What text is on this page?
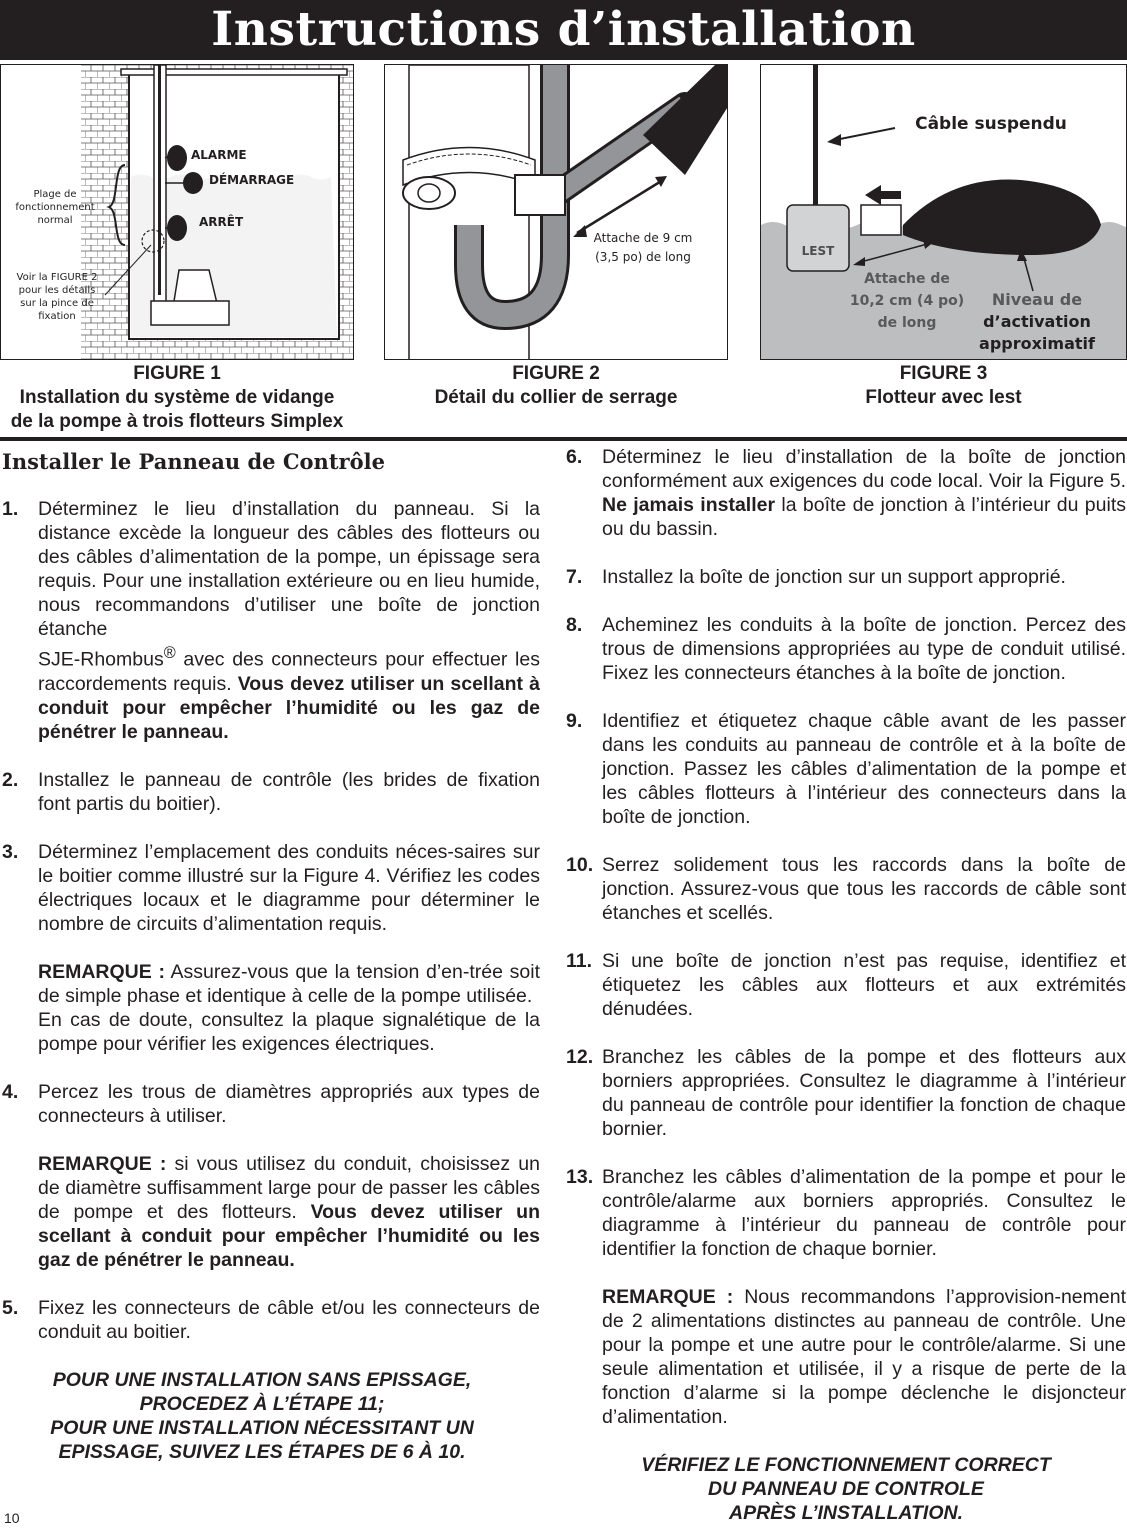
Instructions d’installation
ALARME
DÉMARRAGE
ARRÊT
Plage de
fonctionnement
normal
Voir la FIGURE 2
pour les détails
sur la pince de
fixation
FIGURE 1
Installation du système de vidange
de la pompe à trois flotteurs Simplex
Attache de 9 cm
(3,5 po) de long
FIGURE 2
Détail du collier de serrage
Câble suspendu
LEST
Attache de
10,2 cm (4 po)
de long
Niveau de
d’activation
approximatif
FIGURE 3
Flotteur avec lest
Installer le Panneau de Contrôle
1. Déterminez le lieu d’installation du panneau. Si la distance excède la longueur des câbles des flotteurs ou des câbles d’alimentation de la pompe, un épissage sera requis. Pour une installation extérieure ou en lieu humide, nous recommandons d’utiliser une boîte de jonction étanche
SJE-Rhombus® avec des connecteurs pour effectuer les raccordements requis. Vous devez utiliser un scellant à conduit pour empêcher l’humidité ou les gaz de pénétrer le panneau.

2. Installez le panneau de contrôle (les brides de fixation font partis du boitier).

3. Déterminez l’emplacement des conduits néces-saires sur le boitier comme illustré sur la Figure 4. Vérifiez les codes électriques locaux et le diagramme pour déterminer le nombre de circuits d’alimentation requis.

REMARQUE : Assurez-vous que la tension d’en-trée soit de simple phase et identique à celle de la pompe utilisée.

En cas de doute, consultez la plaque signalétique de la pompe pour vérifier les exigences électriques.

4. Percez les trous de diamètres appropriés aux types de connecteurs à utiliser.

REMARQUE : si vous utilisez du conduit, choisissez un de diamètre suffisamment large pour de passer les câbles de pompe et des flotteurs. Vous devez utiliser un scellant à conduit pour empêcher l’humidité ou les gaz de pénétrer le panneau.

5. Fixez les connecteurs de câble et/ou les connecteurs de conduit au boitier.

POUR UNE INSTALLATION SANS EPISSAGE,
PROCEDEZ À L’ÉTAPE 11;
POUR UNE INSTALLATION NÉCESSITANT UN
EPISSAGE, SUIVEZ LES ÉTAPES DE 6 À 10.
6. Déterminez le lieu d’installation de la boîte de jonction conformément aux exigences du code local. Voir la Figure 5. Ne jamais installer la boîte de jonction à l’intérieur du puits ou du bassin.

7. Installez la boîte de jonction sur un support approprié.

8. Acheminez les conduits à la boîte de jonction. Percez des trous de dimensions appropriées au type de conduit utilisé. Fixez les connecteurs étanches à la boîte de jonction.

9. Identifiez et étiquetez chaque câble avant de les passer dans les conduits au panneau de contrôle et à la boîte de jonction. Passez les câbles d’alimentation de la pompe et les câbles flotteurs à l’intérieur des connecteurs dans la boîte de jonction.

10. Serrez solidement tous les raccords dans la boîte de jonction. Assurez-vous que tous les raccords de câble sont étanches et scellés.

11. Si une boîte de jonction n’est pas requise, identifiez et étiquetez les câbles aux flotteurs et aux extrémités dénudées.

12. Branchez les câbles de la pompe et des flotteurs aux borniers appropriées. Consultez le diagramme à l’intérieur du panneau de contrôle pour identifier la fonction de chaque bornier.

13. Branchez les câbles d’alimentation de la pompe et pour le contrôle/alarme aux borniers appropriés. Consultez le diagramme à l’intérieur du panneau de contrôle pour identifier la fonction de chaque bornier.

REMARQUE : Nous recommandons l’approvision-nement de 2 alimentations distinctes au panneau de contrôle. Une pour la pompe et une autre pour le contrôle/alarme. Si une seule alimentation et utilisée, il y a risque de perte de la fonction d’alarme si la pompe déclenche le disjoncteur d’alimentation.

VÉRIFIEZ LE FONCTIONNEMENT CORRECT
DU PANNEAU DE CONTROLE
APRÈS L’INSTALLATION.
10
